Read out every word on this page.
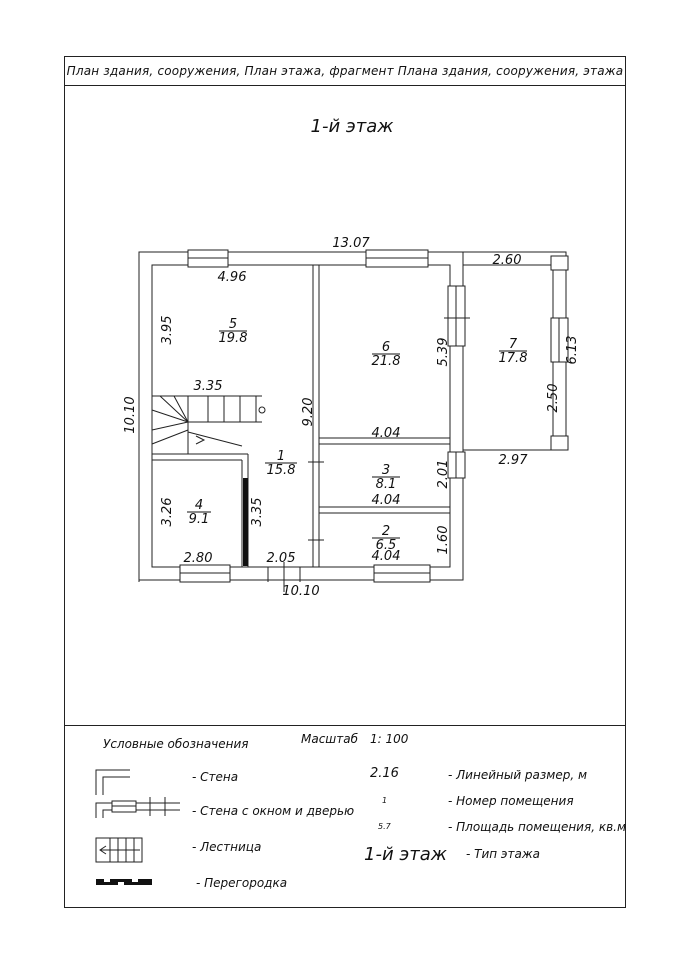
План здания, сооружения, План этажа, фрагмент Плана здания, сооружения, этажа
1-й этаж
13.07
10.10
10.10
4.96
3.95
3.35
3.26
2.80	2.05
9.20
3.35
4.04
5.39
2.01
4.04
4.04
1.60
2.60
6.13
2.50
2.97
5
19.8
6
21.8
7
17.8
1
15.8	3
8.1
4
9.1
2
6.5
Условные обозначения	Масштаб 1: 100
- Стена
- Стена с окном и дверью
- Лестница
- Перегородка
2.16	- Линейный размер, м
1	- Номер помещения
5.7	- Площадь помещения, кв.м
1-й этаж - Тип этажа
